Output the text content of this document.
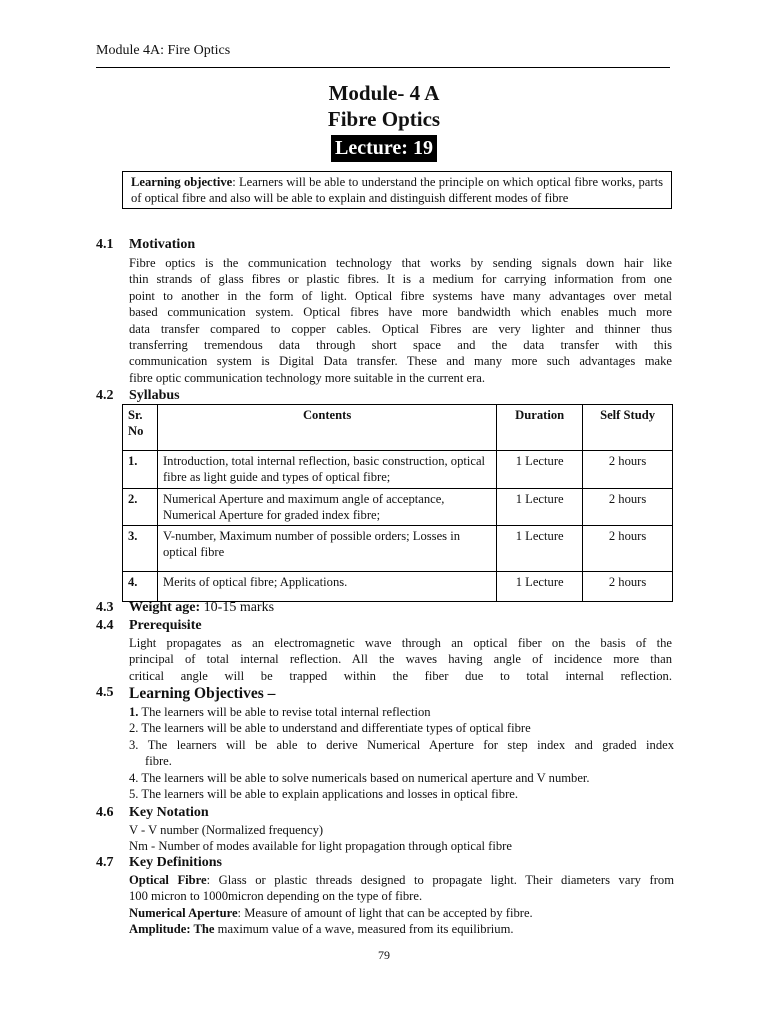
Module 4A: Fire Optics
Module- 4 A
Fibre Optics
Lecture: 19
Learning objective: Learners will be able to understand the principle on which optical fibre works, parts of optical fibre and also will be able to explain and distinguish different modes of fibre
4.1 Motivation
Fibre optics is the communication technology that works by sending signals down hair like
thin strands of glass fibres or plastic fibres. It is a medium for carrying information from one
point to another in the form of light. Optical fibre systems have many advantages over metal
based communication system. Optical fibres have more bandwidth which enables much more
data transfer compared to copper cables. Optical Fibres are very lighter and thinner thus
transferring tremendous data through short space and the data transfer with this
communication system is Digital Data transfer. These and many more such advantages make
fibre optic communication technology more suitable in the current era.
4.2 Syllabus
Sr. No	Contents	Duration	Self Study
1.	Introduction, total internal reflection, basic construction, optical fibre as light guide and types of optical fibre;	1 Lecture	2 hours
2.	Numerical Aperture and maximum angle of acceptance, Numerical Aperture for graded index fibre;	1 Lecture	2 hours
3.	V-number, Maximum number of possible orders; Losses in optical fibre	1 Lecture	2 hours
4.	Merits of optical fibre; Applications.	1 Lecture	2 hours
4.3 Weight age: 10-15 marks
4.4 Prerequisite
Light propagates as an electromagnetic wave through an optical fiber on the basis of the
principal of total internal reflection. All the waves having angle of incidence more than
critical angle will be trapped within the fiber due to total internal reflection.
4.5 Learning Objectives –
1. The learners will be able to revise total internal reflection
2. The learners will be able to understand and differentiate types of optical fibre
3. The learners will be able to derive Numerical Aperture for step index and graded index
fibre.
4. The learners will be able to solve numericals based on numerical aperture and V number.
5. The learners will be able to explain applications and losses in optical fibre.
4.6 Key Notation
V - V number (Normalized frequency)
Nm - Number of modes available for light propagation through optical fibre
4.7 Key Definitions
Optical Fibre: Glass or plastic threads designed to propagate light. Their diameters vary from
100 micron to 1000micron depending on the type of fibre.
Numerical Aperture: Measure of amount of light that can be accepted by fibre.
Amplitude: The maximum value of a wave, measured from its equilibrium.
79
